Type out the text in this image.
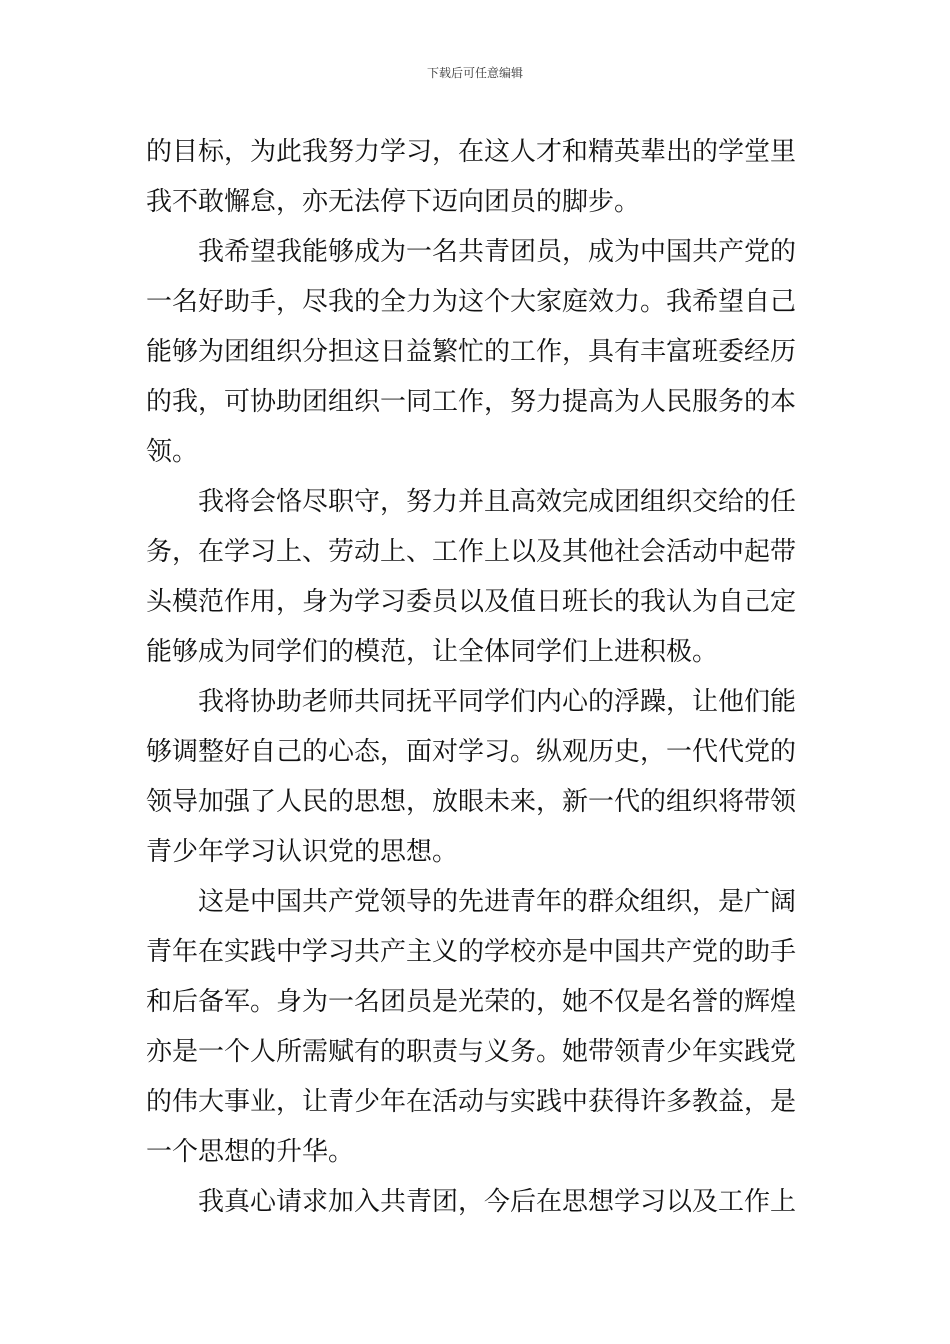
下载后可任意编辑
的目标，为此我努力学习，在这人才和精英辈出的学堂里
我不敢懈怠，亦无法停下迈向团员的脚步。
我希望我能够成为一名共青团员，成为中国共产党的
一名好助手，尽我的全力为这个大家庭效力。我希望自己
能够为团组织分担这日益繁忙的工作，具有丰富班委经历
的我，可协助团组织一同工作，努力提高为人民服务的本
领。
我将会恪尽职守，努力并且高效完成团组织交给的任
务，在学习上、劳动上、工作上以及其他社会活动中起带
头模范作用，身为学习委员以及值日班长的我认为自己定
能够成为同学们的模范，让全体同学们上进积极。
我将协助老师共同抚平同学们内心的浮躁，让他们能
够调整好自己的心态，面对学习。纵观历史，一代代党的
领导加强了人民的思想，放眼未来，新一代的组织将带领
青少年学习认识党的思想。
这是中国共产党领导的先进青年的群众组织，是广阔
青年在实践中学习共产主义的学校亦是中国共产党的助手
和后备军。身为一名团员是光荣的，她不仅是名誉的辉煌
亦是一个人所需赋有的职责与义务。她带领青少年实践党
的伟大事业，让青少年在活动与实践中获得许多教益，是
一个思想的升华。
我真心请求加入共青团，今后在思想学习以及工作上
